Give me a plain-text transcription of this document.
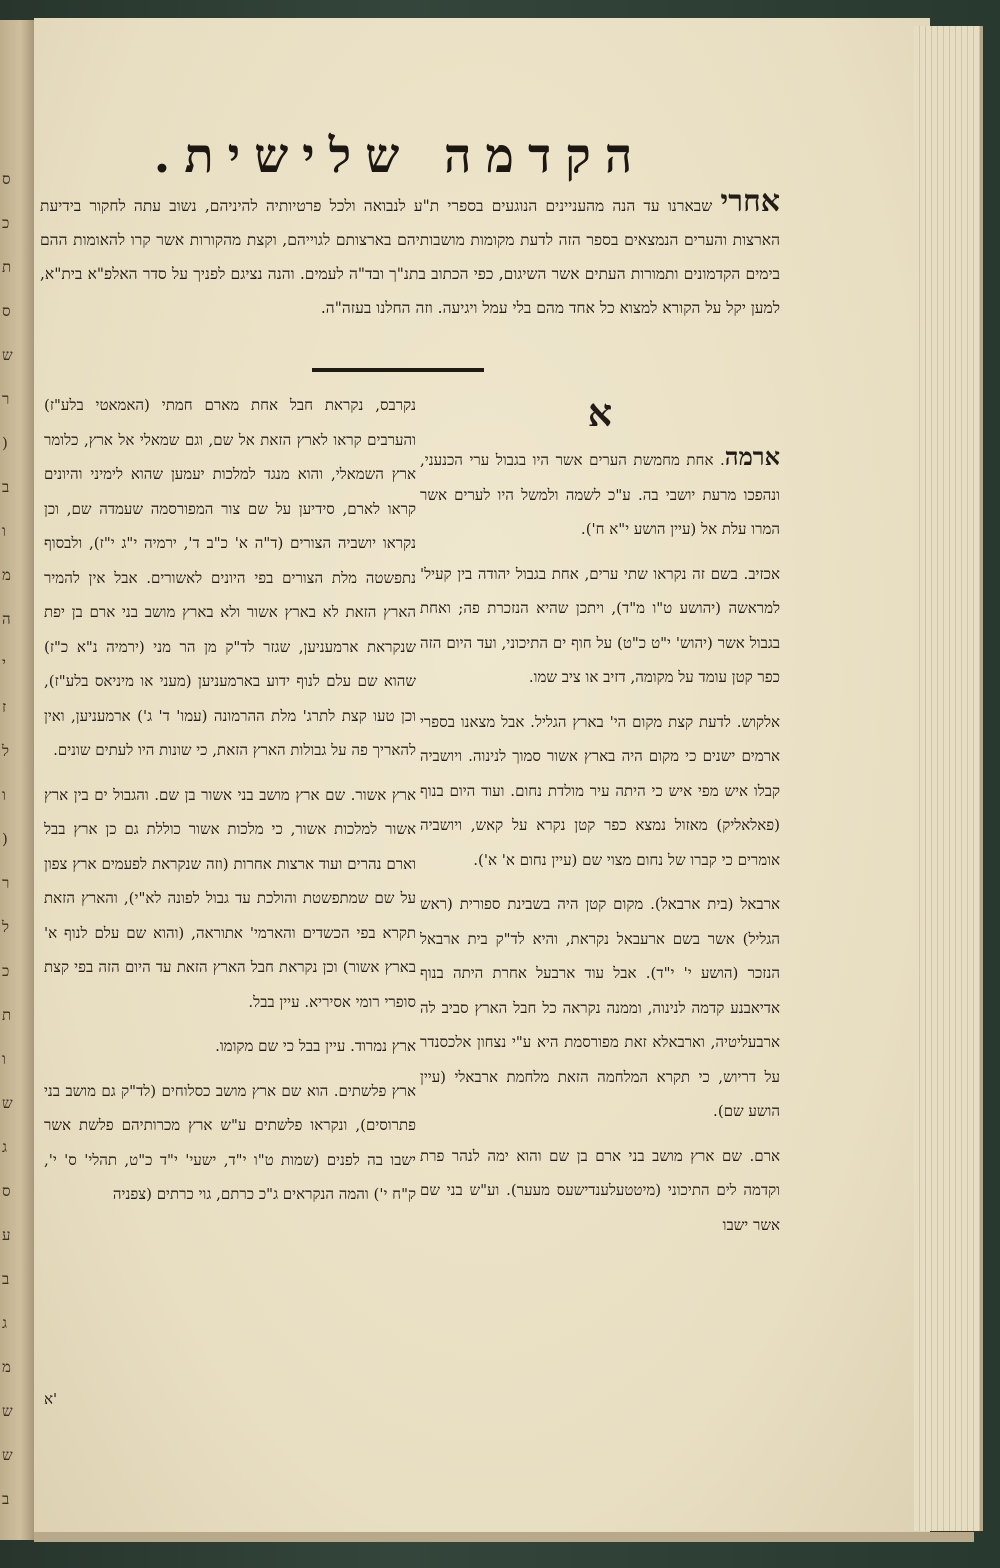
ס
כ
ת
ס
ש
ר
(
ב
ו
מ
ה
י
ז
ל
ו
(
ר
ל
כ
ת
ו
ש
ג
ס
ע
ב
ג
מ
ש
ש
ב
הקדמה שלישית.
אחרי שבארנו עד הנה מהעניינים הנוגעים בספרי ת"ע לנבואה ולכל פרטיותיה להיניהם, נשוב עתה לחקור בידיעת הארצות והערים הנמצאים בספר הזה לדעת מקומות מושבותיהם בארצותם לגוייהם, וקצת מהקורות אשר קרו להאומות ההם בימים הקדמונים ותמורות העתים אשר השיגום, כפי הכתוב בתנ"ך ובד"ה לעמים. והנה נציגם לפניך על סדר האלפ"א בית"א, למען יקל על הקורא למצוא כל אחד מהם בלי עמל ויגיעה. וזה החלנו בעזה"ה.
א

ארמה. אחת מחמשת הערים אשר היו בגבול ערי הכנעני, ונהפכו מרעת יושבי בה. ע"כ לשמה ולמשל היו לערים אשר המרו עלת אל (עיין הושע י"א ח').

אכזיב. בשם זה נקראו שתי ערים, אחת בגבול יהודה בין קעיל' למראשה (יהושע ט"ו מ"ד), ויתכן שהיא הנזכרת פה; ואחת בגבול אשר (יהוש' י"ט כ"ט) על חוף ים התיכוני, ועד היום הזה כפר קטן עומד על מקומה, דזיב או ציב שמו.

אלקוש. לדעת קצת מקום הי' בארץ הגליל. אבל מצאנו בספרי ארמים ישנים כי מקום היה בארץ אשור סמוך לנינוה. ויושביה קבלו איש מפי איש כי היתה עיר מולדת נחום. ועוד היום בנוף (פאלאליק) מאזול נמצא כפר קטן נקרא על קאש, ויושביה אומרים כי קברו של נחום מצוי שם (עיין נחום א' א').

ארבאל (בית ארבאל). מקום קטן היה בשבינת ספורית (ראש הגליל) אשר בשם ארעבאל נקראת, והיא לד"ק בית ארבאל הנזכר (הושע י' י"ד). אבל עוד ארבעל אחרת היתה בנוף אדיאבנע קדמה לנינוה, וממנה נקראה כל חבל הארץ סביב לה ארבעליטיה, וארבאלא זאת מפורסמת היא ע"י נצחון אלכסנדר על דריוש, כי תקרא המלחמה הזאת מלחמת ארבאלי (עיין הושע שם).

ארם. שם ארץ מושב בני ארם בן שם והוא ימה לנהר פרת וקדמה לים התיכוני (מיטטעלענדישעס מעער). וע"ש בני שם אשר ישבו

נקרבס, נקראת חבל אחת מארם חמתי (האמאטי בלע"ז) והערבים קראו לארץ הזאת אל שם, וגם שמאלי אל ארץ, כלומר ארץ השמאלי, והוא מנגד למלכות יעמען שהוא לימיני והיונים קראו לארם, סידיען על שם צור המפורסמה שעמדה שם, וכן נקראו יושביה הצורים (ד"ה א' כ"ב ד', ירמיה י"ג י"ז), ולבסוף נתפשטה מלת הצורים בפי היונים לאשורים. אבל אין להמיר הארץ הזאת לא בארץ אשור ולא בארץ מושב בני ארם בן יפת שנקראת ארמעניען, שגזר לד"ק מן הר מני (ירמיה נ"א כ"ז) שהוא שם עלם לנוף ידוע בארמעניען (מעני או מיניאס בלע"ז), וכן טעו קצת לתרג' מלת ההרמונה (עמו' ד' ג') ארמעניען, ואין להאריך פה על גבולות הארץ הזאת, כי שונות היו לעתים שונים.

ארץ אשור. שם ארץ מושב בני אשור בן שם. והגבול ים בין ארץ אשור למלכות אשור, כי מלכות אשור כוללת גם כן ארץ בבל וארם נהרים ועוד ארצות אחרות (וזה שנקראת לפעמים ארץ צפון על שם שמתפשטת והולכת עד גבול לפונה לא"י), והארץ הזאת תקרא בפי הכשדים והארמי' אתוראה, (והוא שם עלם לנוף א' בארץ אשור) וכן נקראת חבל הארץ הזאת עד היום הזה בפי קצת סופרי רומי אסיריא. עיין בבל.

ארץ נמרוד. עיין בבל כי שם מקומו.

ארץ פלשתים. הוא שם ארץ מושב כסלוחים (לד"ק גם מושב בני פתרוסים), ונקראו פלשתים ע"ש ארץ מכרותיהם פלשת אשר ישבו בה לפנים (שמות ט"ו י"ד, ישעי' י"ד כ"ט, תהלי' ס' י', ק"ח י') והמה הנקראים ג"כ כרתם, גוי כרתים (צפניה

א'
